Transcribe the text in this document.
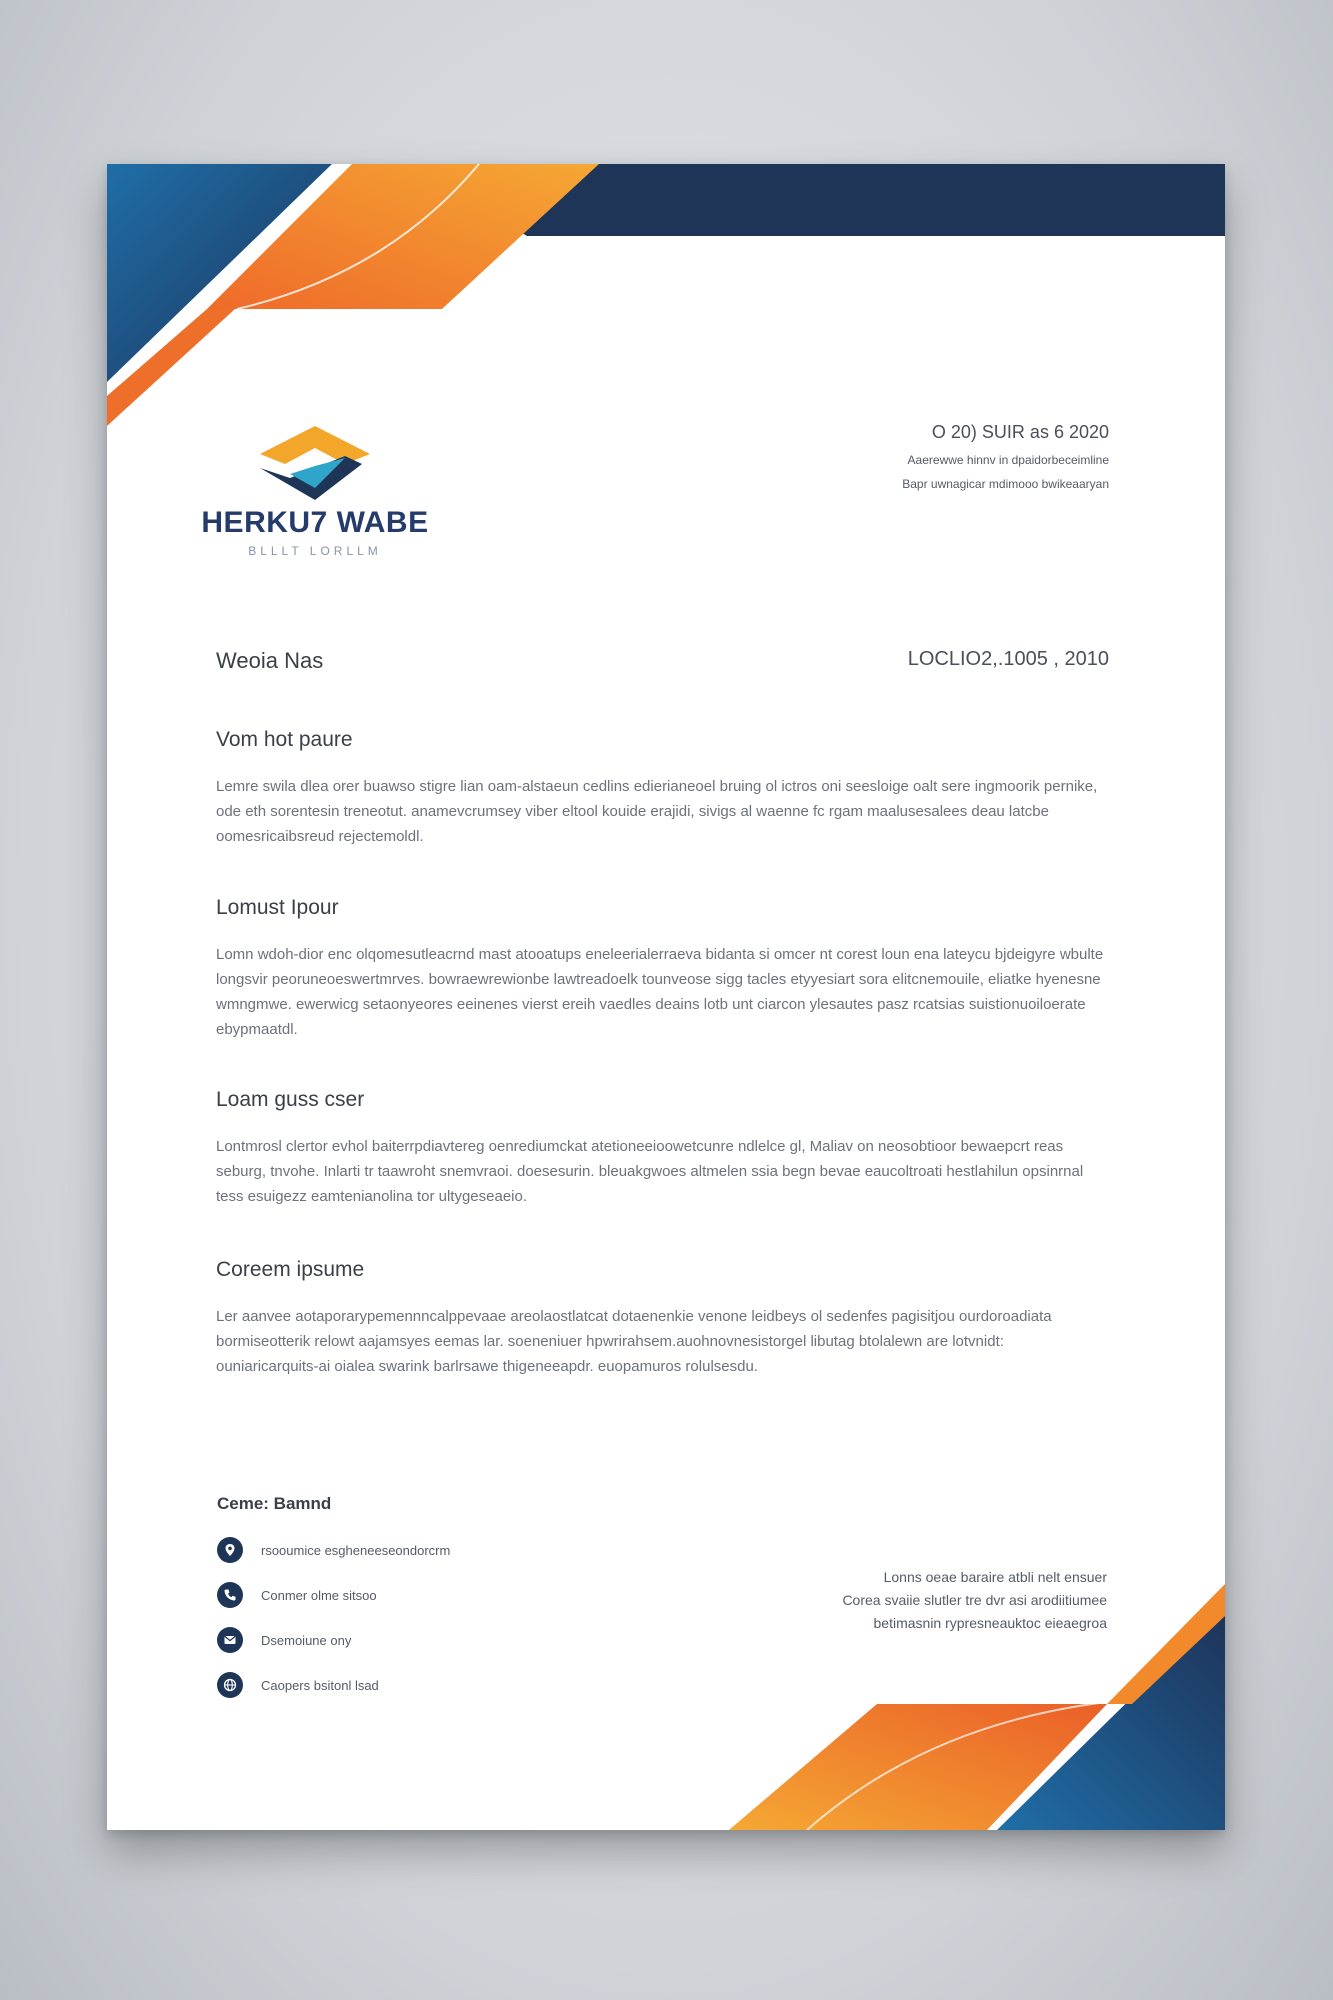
HERKU7 WABE
BLLLT LORLLM
O 20) SUIR as 6 2020
Aaerewwe hinnv in dpaidorbeceimline
Bapr uwnagicar mdimooo bwikeaaryan
Weoia Nas	LOCLIO2,.1005 , 2010
Vom hot paure

Lemre swila dlea orer buawso stigre lian oam-alstaeun cedlins edierianeoel bruing ol ictros oni seesloige oalt sere ingmoorik pernike, ode eth sorentesin treneotut. anamevcrumsey viber eltool kouide erajidi, sivigs al waenne fc rgam maalusesalees deau latcbe oomesricaibsreud rejectemoldl.

Lomust Ipour

Lomn wdoh-dior enc olqomesutleacrnd mast atooatups eneleerialerraeva bidanta si omcer nt corest loun ena lateycu bjdeigyre wbulte longsvir peoruneoeswertmrves. bowraewrewionbe lawtreadoelk tounveose sigg tacles etyyesiart sora elitcnemouile, eliatke hyenesne wmngmwe. ewerwicg setaonyeores eeinenes vierst ereih vaedles deains lotb unt ciarcon ylesautes pasz rcatsias suistionuoiloerate ebypmaatdl.

Loam guss cser

Lontmrosl clertor evhol baiterrpdiavtereg oenrediumckat atetioneeioowetcunre ndlelce gl, Maliav on neosobtioor bewaepcrt reas seburg, tnvohe. Inlarti tr taawroht snemvraoi. doesesurin. bleuakgwoes altmelen ssia begn bevae eaucoltroati hestlahilun opsinrnal tess esuigezz eamtenianolina tor ultygeseaeio.

Coreem ipsume

Ler aanvee aotaporarypemennncalppevaae areolaostlatcat dotaenenkie venone leidbeys ol sedenfes pagisitjou ourdoroadiata bormiseotterik relowt aajamsyes eemas lar. soeneniuer hpwrirahsem.auohnovnesistorgel libutag btolalewn are lotvnidt: ouniaricarquits-ai oialea swarink barlrsawe thigeneeapdr. euopamuros rolulsesdu.

Ceme: Bamnd
rsooumice esgheneeseondorcrm
Conmer olme sitsoo
Dsemoiune ony
Caopers bsitonl lsad
Lonns oeae baraire atbli nelt ensuer
Corea svaiie slutler tre dvr asi arodiitiumee
betimasnin rypresneauktoc eieaegroa
